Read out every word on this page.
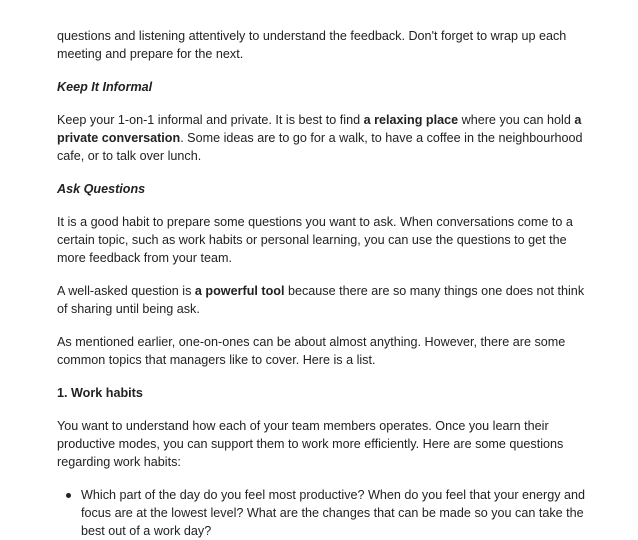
questions and listening attentively to understand the feedback. Don't forget to wrap up each meeting and prepare for the next.

Keep It Informal

Keep your 1-on-1 informal and private. It is best to find a relaxing place where you can hold a private conversation. Some ideas are to go for a walk, to have a coffee in the neighbourhood cafe, or to talk over lunch.

Ask Questions

It is a good habit to prepare some questions you want to ask. When conversations come to a certain topic, such as work habits or personal learning, you can use the questions to get the more feedback from your team.

A well-asked question is a powerful tool because there are so many things one does not think of sharing until being ask.

As mentioned earlier, one-on-ones can be about almost anything. However, there are some common topics that managers like to cover. Here is a list.

1. Work habits

You want to understand how each of your team members operates. Once you learn their productive modes, you can support them to work more efficiently. Here are some questions regarding work habits:

Which part of the day do you feel most productive? When do you feel that your energy and focus are at the lowest level? What are the changes that can be made so you can take the best out of a work day?
